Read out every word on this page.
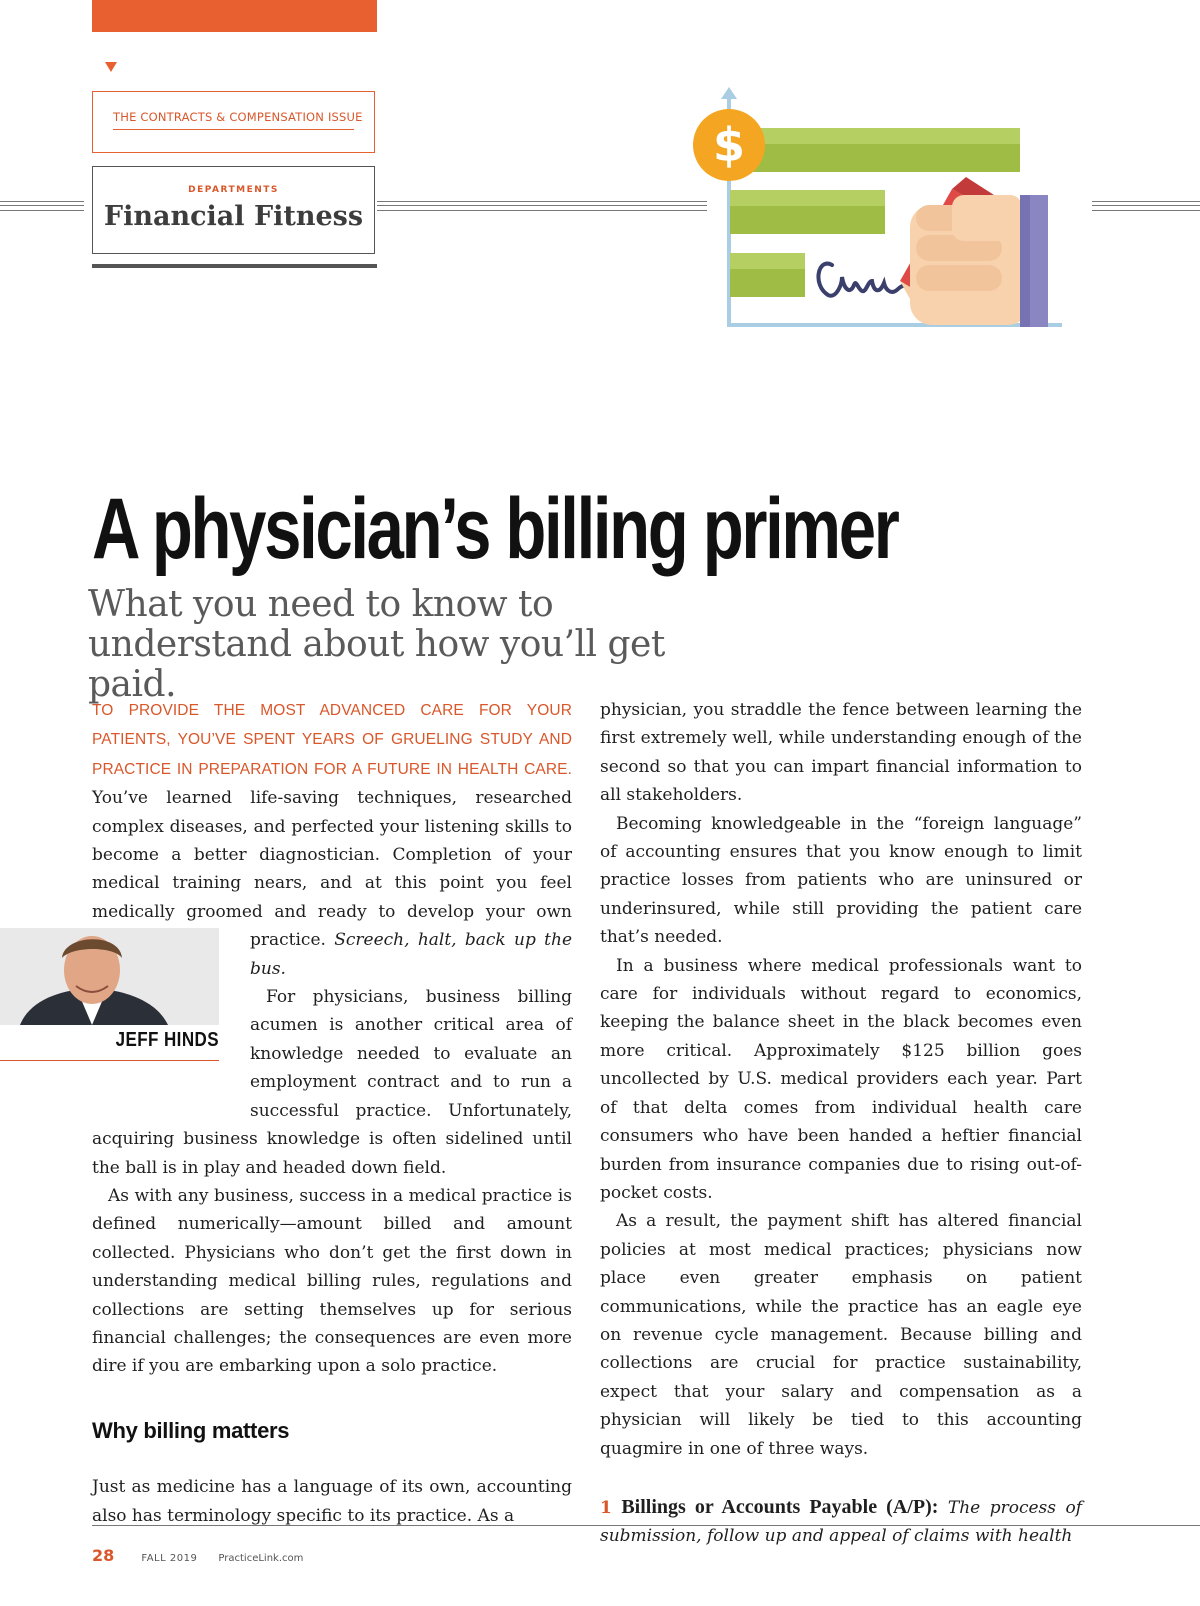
THE CONTRACTS & COMPENSATION ISSUE
DEPARTMENTS
Financial Fitness
$
A physician’s billing primer
What you need to know to understand about how you’ll get paid.

TO PROVIDE THE MOST ADVANCED CARE FOR YOUR PATIENTS, YOU’VE SPENT YEARS OF GRUELING STUDY AND PRACTICE IN PREPARATION FOR A FUTURE IN HEALTH CARE. You’ve learned life-saving techniques, researched complex diseases, and perfected your listening skills to become a better diagnostician. Completion of your medical training nears, and at this point you feel medically groomed and ready to develop your own practice.
JEFF HINDS
Screech, halt, back up the bus.

For physicians, business billing acumen is another critical area of knowledge needed to evaluate an employment contract and to run a successful practice. Unfortunately, acquiring business knowledge is often sidelined until the ball is in play and headed down field.

As with any business, success in a medical practice is defined numerically—amount billed and amount collected. Physicians who don’t get the first down in understanding medical billing rules, regulations and collections are setting themselves up for serious financial challenges; the consequences are even more dire if you are embarking upon a solo practice.

Why billing matters

Just as medicine has a language of its own, accounting also has terminology specific to its practice. As a

physician, you straddle the fence between learning the first extremely well, while understanding enough of the second so that you can impart financial information to all stakeholders.

Becoming knowledgeable in the “foreign language” of accounting ensures that you know enough to limit practice losses from patients who are uninsured or underinsured, while still providing the patient care that’s needed.

In a business where medical professionals want to care for individuals without regard to economics, keeping the balance sheet in the black becomes even more critical. Approximately $125 billion goes uncollected by U.S. medical providers each year. Part of that delta comes from individual health care consumers who have been handed a heftier financial burden from insurance companies due to rising out-of-pocket costs.

As a result, the payment shift has altered financial policies at most medical practices; physicians now place even greater emphasis on patient communications, while the practice has an eagle eye on revenue cycle management. Because billing and collections are crucial for practice sustainability, expect that your salary and compensation as a physician will likely be tied to this accounting quagmire in one of three ways.

1 Billings or Accounts Payable (A/P): The process of submission, follow up and appeal of claims with health

28	FALL 2019 PracticeLink.com
